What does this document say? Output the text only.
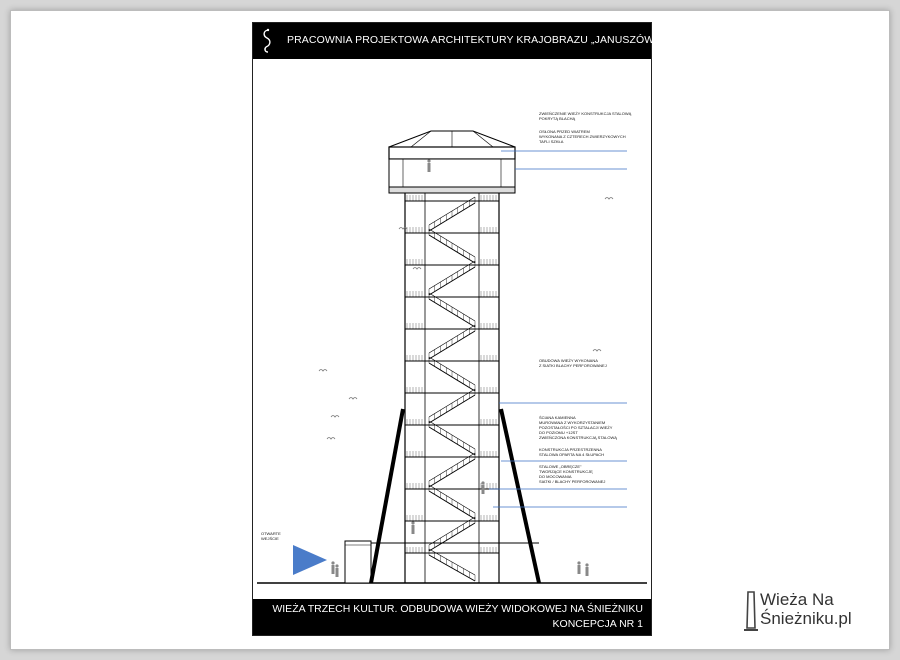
PRACOWNIA PROJEKTOWA ARCHITEKTURY KRAJOBRAZU „JANUSZÓWKA"
ZWIEŃCZENIE WIEŻY KONSTRUKCJA STALOWĄ
POKRYTĄ BLACHĄ
OSŁONA PRZED WIATREM
WYKONANA Z CZTERECH ZWIERZYKOWYCH
TAFLI SZKŁA
OBUDOWA WIEŻY WYKONANA
Z SIATKI BLACHY PERFOROWANEJ
ŚCIANA KAMIENNA
MUROWANA Z WYKORZYSTANIEM
POZOSTAŁOŚCI PO SZTALACJI WIEŻY
DO POZIOMU +12ST
ZWIEŃCZONA KONSTRUKCJĄ STALOWĄ
KONSTRUKCJA PRZESTRZENNA
STALOWA OPARTA NA 4 SŁUPACH
STALOWE „OBRĘCZE"
TWORZĄCE KONSTRUKCJĘ
DO MOCOWANIA
SIATKI / BLACHY PERFOROWANEJ
OTWARTE
WEJŚCIE
WIEŻA TRZECH KULTUR. ODBUDOWA WIEŻY WIDOKOWEJ NA ŚNIEŻNIKU
KONCEPCJA NR 1
Wieża Na
Śnieżniku.pl
